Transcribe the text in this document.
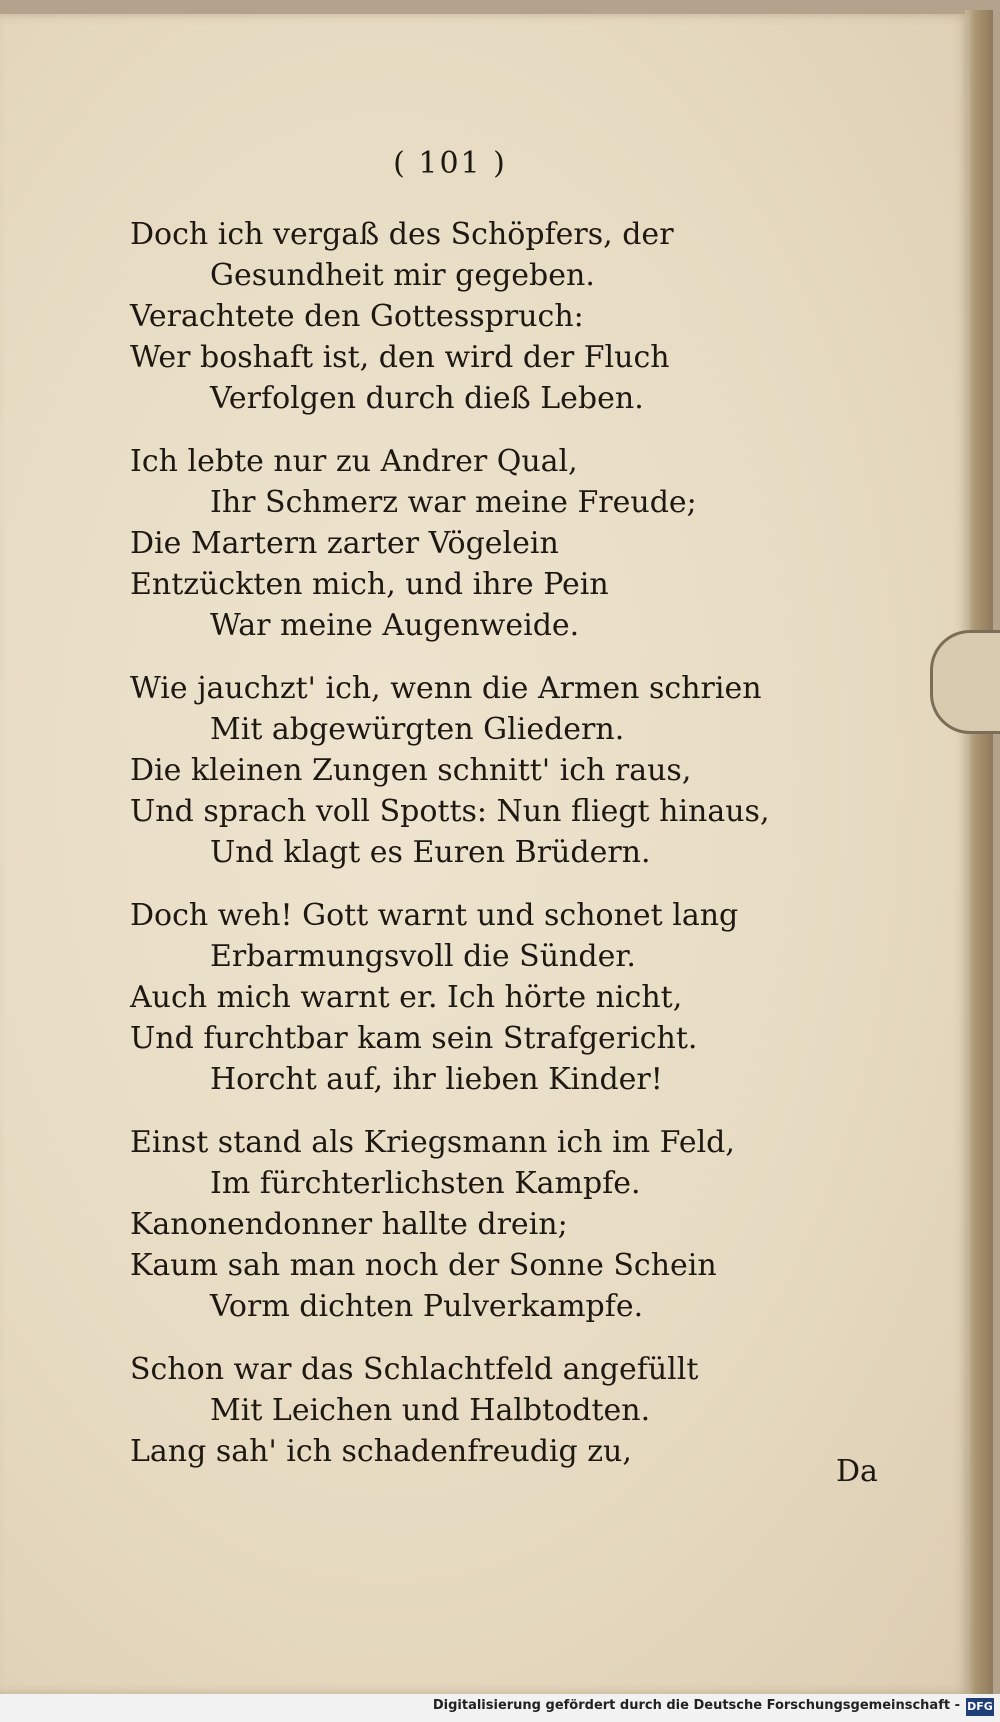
( 101 )
Doch ich vergaß des Schöpfers, der
Gesundheit mir gegeben.
Verachtete den Gottesspruch:
Wer boshaft ist, den wird der Fluch
Verfolgen durch dieß Leben.
Ich lebte nur zu Andrer Qual,
Ihr Schmerz war meine Freude;
Die Martern zarter Vögelein
Entzückten mich, und ihre Pein
War meine Augenweide.
Wie jauchzt' ich, wenn die Armen schrien
Mit abgewürgten Gliedern.
Die kleinen Zungen schnitt' ich raus,
Und sprach voll Spotts: Nun fliegt hinaus,
Und klagt es Euren Brüdern.
Doch weh! Gott warnt und schonet lang
Erbarmungsvoll die Sünder.
Auch mich warnt er. Ich hörte nicht,
Und furchtbar kam sein Strafgericht.
Horcht auf, ihr lieben Kinder!
Einst stand als Kriegsmann ich im Feld,
Im fürchterlichsten Kampfe.
Kanonendonner hallte drein;
Kaum sah man noch der Sonne Schein
Vorm dichten Pulverkampfe.
Schon war das Schlachtfeld angefüllt
Mit Leichen und Halbtodten.
Lang sah' ich schadenfreudig zu,
Da
Digitalisierung gefördert durch die Deutsche Forschungsgemeinschaft - DFG
